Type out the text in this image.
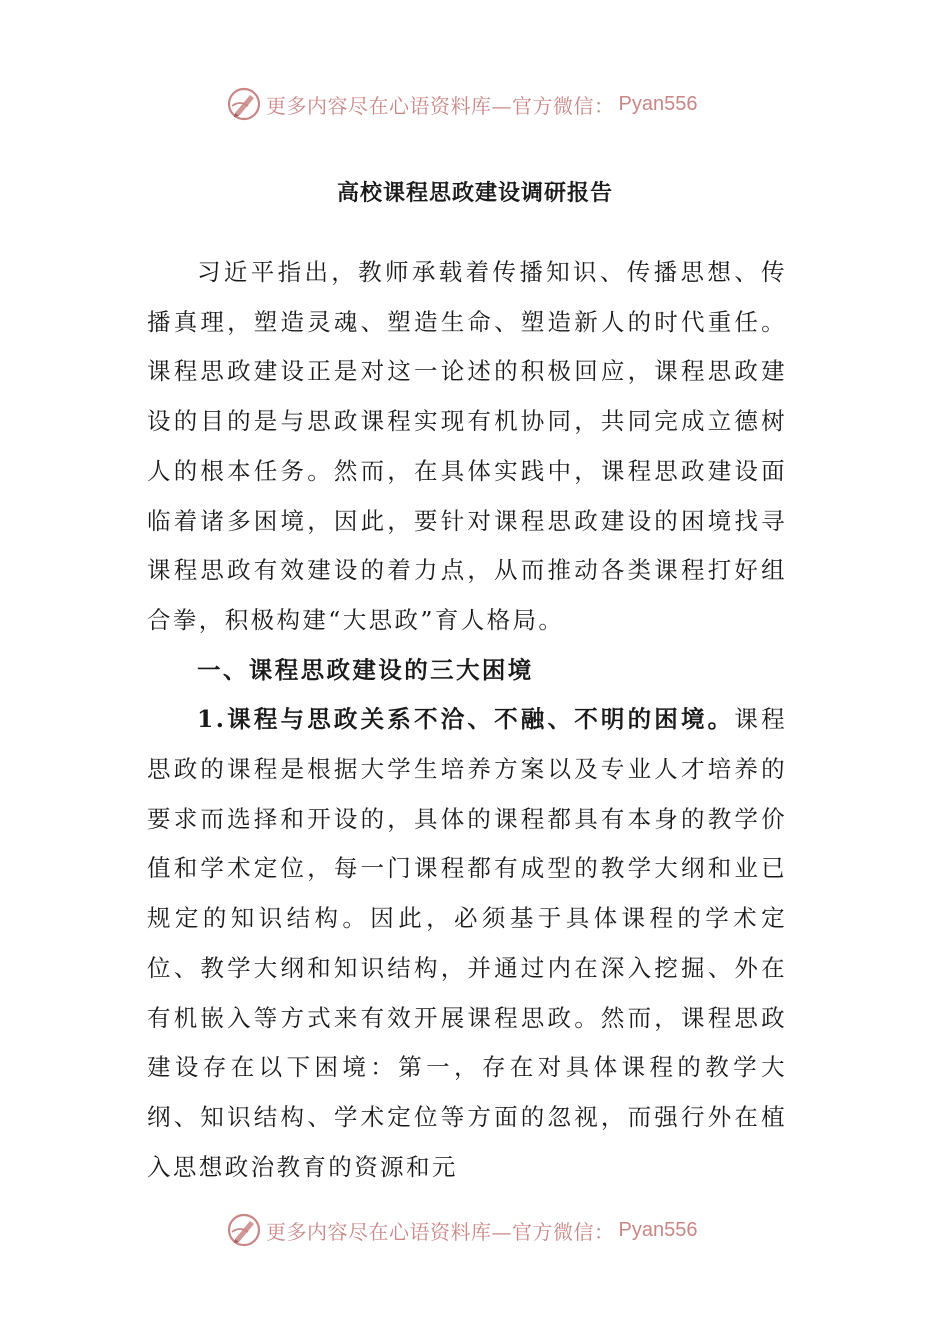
更多内容尽在心语资料库—官方微信： Pyan556
高校课程思政建设调研报告

习近平指出，教师承载着传播知识、传播思想、传播真理，塑造灵魂、塑造生命、塑造新人的时代重任。课程思政建设正是对这一论述的积极回应，课程思政建设的目的是与思政课程实现有机协同，共同完成立德树人的根本任务。然而，在具体实践中，课程思政建设面临着诸多困境，因此，要针对课程思政建设的困境找寻课程思政有效建设的着力点，从而推动各类课程打好组合拳，积极构建“大思政”育人格局。

一、课程思政建设的三大困境

1.课程与思政关系不洽、不融、不明的困境。课程思政的课程是根据大学生培养方案以及专业人才培养的要求而选择和开设的，具体的课程都具有本身的教学价值和学术定位，每一门课程都有成型的教学大纲和业已规定的知识结构。因此，必须基于具体课程的学术定位、教学大纲和知识结构，并通过内在深入挖掘、外在有机嵌入等方式来有效开展课程思政。然而，课程思政建设存在以下困境：第一，存在对具体课程的教学大纲、知识结构、学术定位等方面的忽视，而强行外在植入思想政治教育的资源和元

更多内容尽在心语资料库—官方微信： Pyan556
